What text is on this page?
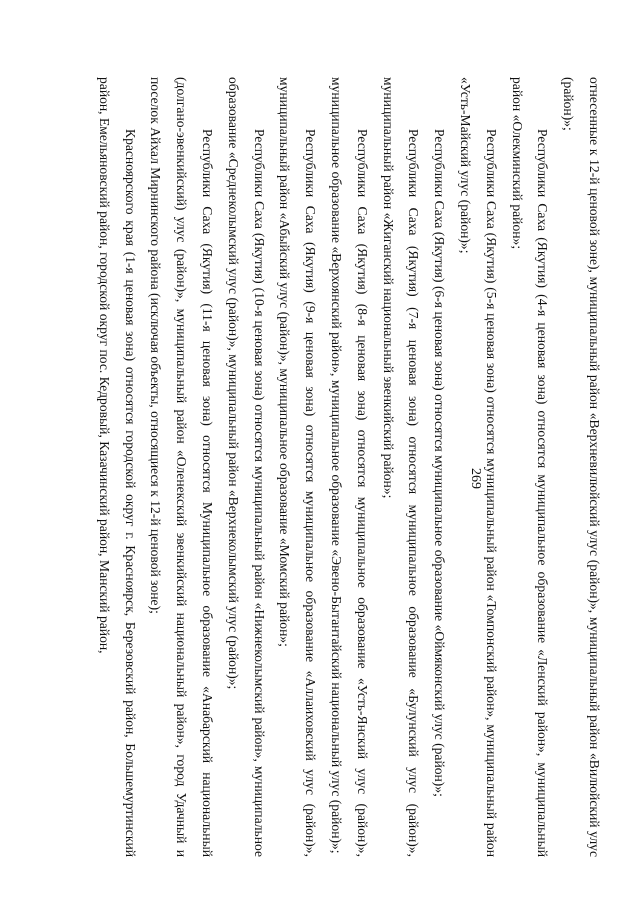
269	отнесенные к 12-й ценовой зоне), муниципальный район «Верхневилюйский улус (район)», муниципальный район «Вилюйский улус (район)»;

Республики Саха (Якутия) (4-я ценовая зона) относятся муниципальное образование «Ленский район», муниципальный район «Олекминский район»;

Республики Саха (Якутия) (5-я ценовая зона) относятся муниципальный район «Томпонский район», муниципальный район «Усть-Майский улус (район)»;

Республики Саха (Якутия) (6-я ценовая зона) относятся муниципальное образование «Оймяконский улус (район)»;

Республики Саха (Якутия) (7-я ценовая зона) относятся муниципальное образование «Булунский улус (район)», муниципальный район «Жиганский национальный эвенкийский район»;

Республики Саха (Якутия) (8-я ценовая зона) относятся муниципальное образование «Усть-Янский улус (район)», муниципальное образование «Верхоянский район», муниципальное образование «Эвено-Бытантайский национальный улус (район)»;

Республики Саха (Якутия) (9-я ценовая зона) относятся муниципальное образование «Аллаиховский улус (район)», муниципальный район «Абыйский улус (район)», муниципальное образование «Момский район»;

Республики Саха (Якутия) (10-я ценовая зона) относятся муниципальный район «Нижнеколымский район», муниципальное образование «Среднеколымский улус (район)», муниципальный район «Верхнеколымский улус (район)»;

Республики Саха (Якутия) (11-я ценовая зона) относятся Муниципальное образование «Анабарский национальный (долгано-эвенкийский) улус (район)», муниципальный район «Оленекский эвенкийский национальный район», город Удачный и поселок Айхал Мирнинского района (исключая объекты, относящиеся к 12-й ценовой зоне);

Красноярского края (1-я ценовая зона) относятся городской округ г. Красноярск, Березовский район, Большемуртинский район, Емельяновский район, городской округ пос. Кедровый, Казачинский район, Манский район,
